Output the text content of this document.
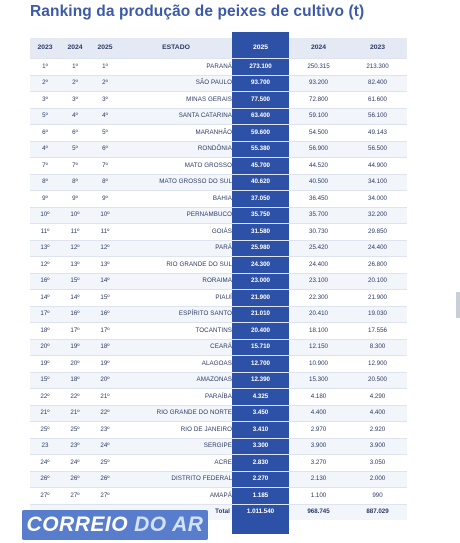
Ranking da produção de peixes de cultivo (t)
2023	2024	2025	ESTADO	2025	2024	2023
1º	1º	1º	PARANÁ	273.100	250.315	213.300
2º	2º	2º	SÃO PAULO	93.700	93.200	82.400
3º	3º	3º	MINAS GERAIS	77.500	72.800	61.600
5º	4º	4º	SANTA CATARINA	63.400	59.100	56.100
6º	6º	5º	MARANHÃO	59.600	54.500	49.143
4º	5º	6º	RONDÔNIA	55.380	56.900	56.500
7º	7º	7º	MATO GROSSO	45.700	44.520	44.900
8º	8º	8º	MATO GROSSO DO SUL	40.620	40.500	34.100
9º	9º	9º	BAHIA	37.050	36.450	34.000
10º	10º	10º	PERNAMBUCO	35.750	35.700	32.200
11º	11º	11º	GOIÁS	31.580	30.730	29.850
13º	12º	12º	PARÁ	25.980	25.420	24.400
12º	13º	13º	RIO GRANDE DO SUL	24.300	24.400	26.800
16º	15º	14º	RORAIMA	23.000	23.100	20.100
14º	14º	15º	PIAUÍ	21.900	22.300	21.900
17º	16º	16º	ESPÍRITO SANTO	21.010	20.410	19.030
18º	17º	17º	TOCANTINS	20.400	18.100	17.556
20º	19º	18º	CEARÁ	15.710	12.150	8.300
19º	20º	19º	ALAGOAS	12.700	10.900	12.900
15º	18º	20º	AMAZONAS	12.390	15.300	20.500
22º	22º	21º	PARAÍBA	4.325	4.180	4.290
21º	21º	22º	RIO GRANDE DO NORTE	3.450	4.400	4.400
25º	25º	23º	RIO DE JANEIRO	3.410	2.970	2.920
23	23º	24º	SERGIPE	3.300	3.900	3.900
24º	24º	25º	ACRE	2.830	3.270	3.050
26º	26º	26º	DISTRITO FEDERAL	2.270	2.130	2.000
27º	27º	27º	AMAPÁ	1.185	1.100	990
			Total	1.011.540	968.745	887.029
CORREIO DO AR
